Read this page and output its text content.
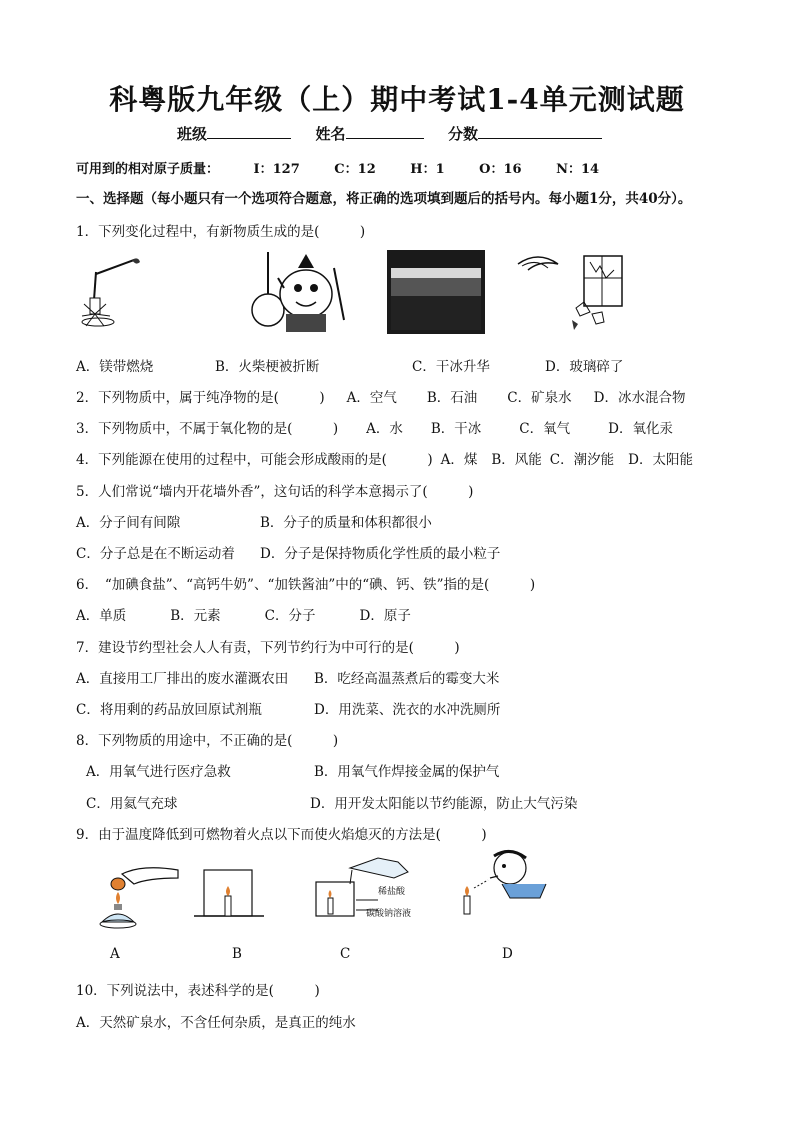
科粤版九年级（上）期中考试1-4单元测试题
班级	姓名	分数
可用到的相对原子质量：	I：127	C：12	H：1	O：16	N：14
一、选择题（每小题只有一个选项符合题意，将正确的选项填到题后的括号内。每小题1分，共40分）。
1．下列变化过程中，有新物质生成的是(　　　)
A．镁带燃烧	B．火柴梗被折断	C．干冰升华	D．玻璃碎了
2．下列物质中，属于纯净物的是(　　　) A．空气 B．石油 C．矿泉水 D．冰水混合物
3．下列物质中，不属于氧化物的是(　　　) A．水 B．干冰	C．氧气	D．氧化汞
4．下列能源在使用的过程中，可能会形成酸雨的是(　　　) A．煤 B．风能 C．潮汐能 D．太阳能
5．人们常说“墙内开花墙外香”，这句话的科学本意揭示了(　　　)
A．分子间有间隙	B．分子的质量和体积都很小
C．分子总是在不断运动着 D．分子是保持物质化学性质的最小粒子
6．　“加碘食盐”、“高钙牛奶”、“加铁酱油”中的“碘、钙、铁”指的是(　　　)
A．单质	B．元素	C．分子	D．原子
7．建设节约型社会人人有责，下列节约行为中可行的是(　　　)
A．直接用工厂排出的废水灌溉农田 B．吃经高温蒸煮后的霉变大米
C．将用剩的药品放回原试剂瓶	D．用洗菜、洗衣的水冲洗厕所
8．下列物质的用途中，不正确的是(　　　)
A．用氧气进行医疗急救	B．用氧气作焊接金属的保护气
C．用氦气充球	D．用开发太阳能以节约能源，防止大气污染
9．由于温度降低到可燃物着火点以下而使火焰熄灭的方法是(　　　)
稀盐酸
碳酸钠溶液
A	B	C	D
10．下列说法中，表述科学的是(　　　)
A．天然矿泉水，不含任何杂质，是真正的纯水
